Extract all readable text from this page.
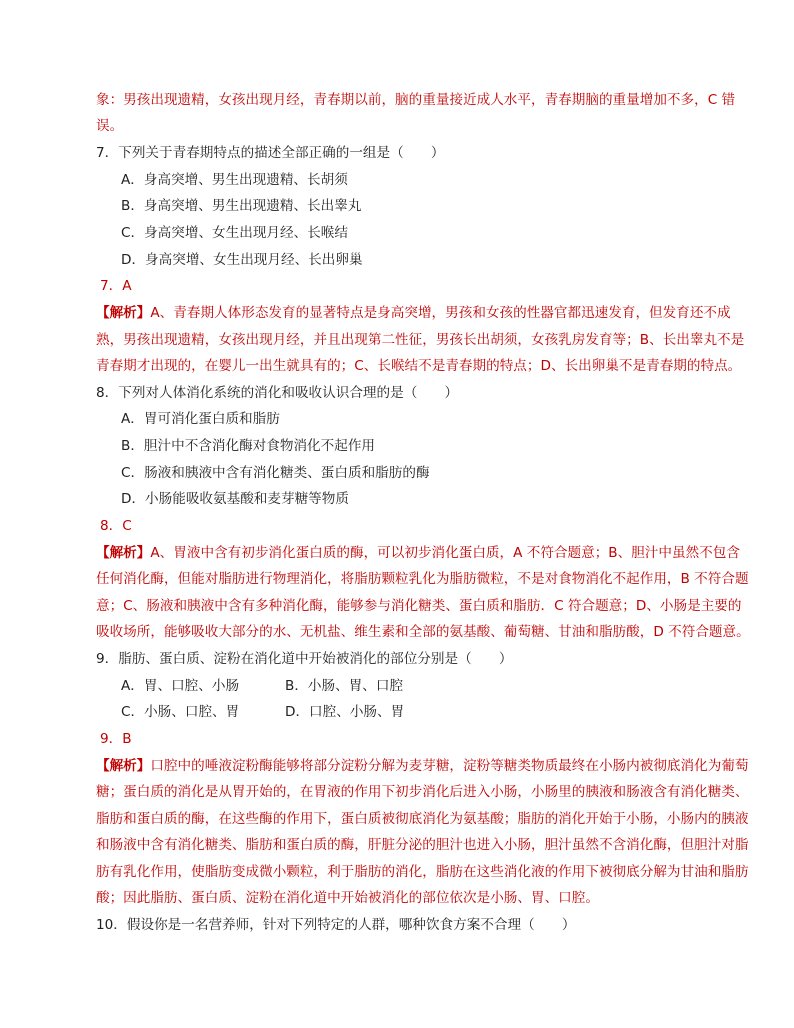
象：男孩出现遗精，女孩出现月经，青春期以前，脑的重量接近成人水平，青春期脑的重量增加不多，C 错
误。
7．下列关于青春期特点的描述全部正确的一组是（　　）
A．身高突增、男生出现遗精、长胡须
B．身高突增、男生出现遗精、长出睾丸
C．身高突增、女生出现月经、长喉结
D．身高突增、女生出现月经、长出卵巢
7．A
【解析】A、青春期人体形态发育的显著特点是身高突增，男孩和女孩的性器官都迅速发育，但发育还不成
熟，男孩出现遗精，女孩出现月经，并且出现第二性征，男孩长出胡须，女孩乳房发育等；B、长出睾丸不是
青春期才出现的，在婴儿一出生就具有的；C、长喉结不是青春期的特点；D、长出卵巢不是青春期的特点。
8．下列对人体消化系统的消化和吸收认识合理的是（　　）
A．胃可消化蛋白质和脂肪
B．胆汁中不含消化酶对食物消化不起作用
C．肠液和胰液中含有消化糖类、蛋白质和脂肪的酶
D．小肠能吸收氨基酸和麦芽糖等物质
8．C
【解析】A、胃液中含有初步消化蛋白质的酶，可以初步消化蛋白质，A 不符合题意；B、胆汁中虽然不包含
任何消化酶，但能对脂肪进行物理消化，将脂肪颗粒乳化为脂肪微粒，不是对食物消化不起作用，B 不符合题
意；C、肠液和胰液中含有多种消化酶，能够参与消化糖类、蛋白质和脂肪．C 符合题意；D、小肠是主要的
吸收场所，能够吸收大部分的水、无机盐、维生素和全部的氨基酸、葡萄糖、甘油和脂肪酸，D 不符合题意。
9．脂肪、蛋白质、淀粉在消化道中开始被消化的部位分别是（　　）
A．胃、口腔、小肠	B．小肠、胃、口腔
C．小肠、口腔、胃	D．口腔、小肠、胃
9．B
【解析】口腔中的唾液淀粉酶能够将部分淀粉分解为麦芽糖，淀粉等糖类物质最终在小肠内被彻底消化为葡萄
糖；蛋白质的消化是从胃开始的，在胃液的作用下初步消化后进入小肠，小肠里的胰液和肠液含有消化糖类、
脂肪和蛋白质的酶，在这些酶的作用下，蛋白质被彻底消化为氨基酸；脂肪的消化开始于小肠，小肠内的胰液
和肠液中含有消化糖类、脂肪和蛋白质的酶，肝脏分泌的胆汁也进入小肠，胆汁虽然不含消化酶，但胆汁对脂
肪有乳化作用，使脂肪变成微小颗粒，利于脂肪的消化，脂肪在这些消化液的作用下被彻底分解为甘油和脂肪
酸；因此脂肪、蛋白质、淀粉在消化道中开始被消化的部位依次是小肠、胃、口腔。
10．假设你是一名营养师，针对下列特定的人群，哪种饮食方案不合理（　　）
